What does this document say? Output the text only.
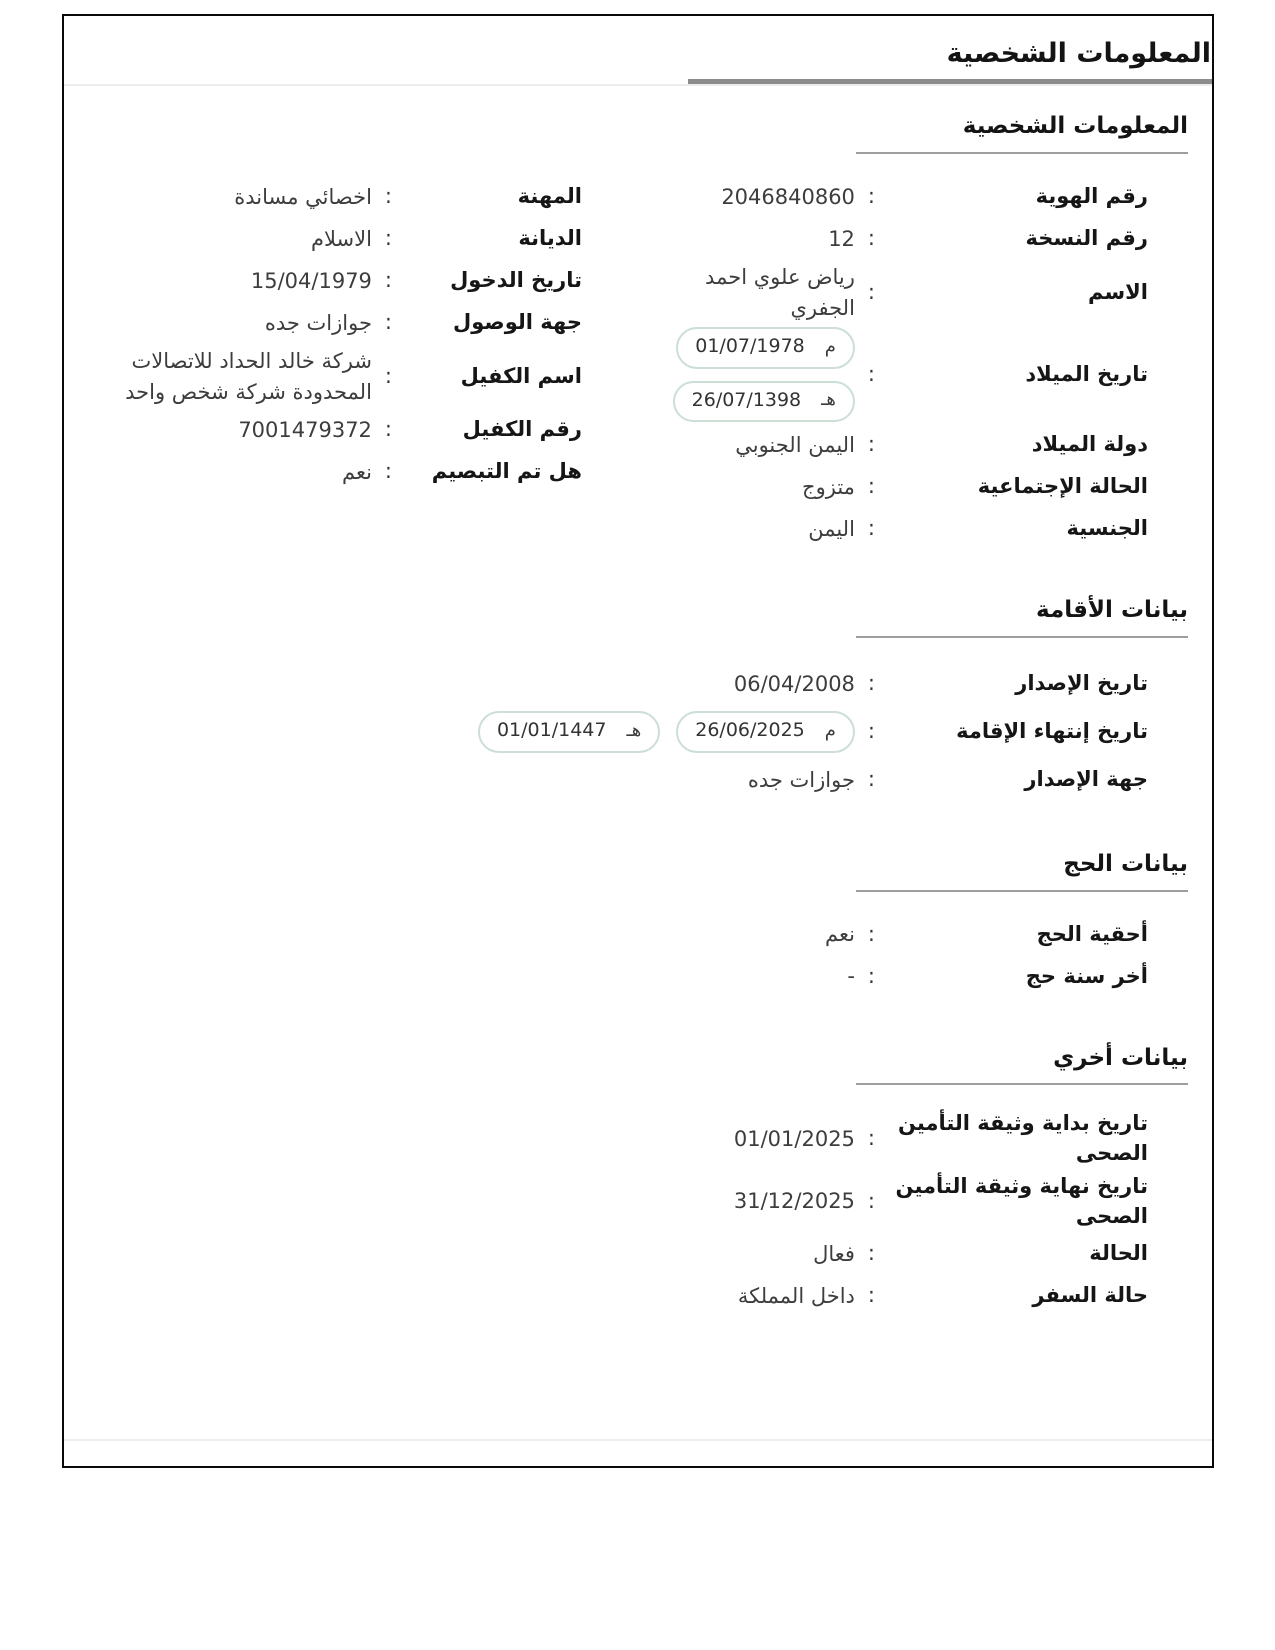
المعلومات الشخصية
المعلومات الشخصية
رقم الهوية
:
2046840860
رقم النسخة
:
12
الاسم
:
رياض علوي احمد الجفري
تاريخ الميلاد
:
م
01/07/1978
هـ
26/07/1398
دولة الميلاد
:
اليمن الجنوبي
الحالة الإجتماعية
:
متزوج
الجنسية
:
اليمن
المهنة
:
اخصائي مساندة
الديانة
:
الاسلام
تاريخ الدخول
:
15/04/1979
جهة الوصول
:
جوازات جده
اسم الكفيل
:
شركة خالد الحداد للاتصالات المحدودة شركة شخص واحد
رقم الكفيل
:
7001479372
هل تم التبصيم
:
نعم
بيانات الأقامة
تاريخ الإصدار
:
06/04/2008
تاريخ إنتهاء الإقامة
:
م
26/06/2025
هـ
01/01/1447
جهة الإصدار
:
جوازات جده
بيانات الحج
أحقية الحج
:
نعم
أخر سنة حج
:
-
بيانات أخري
تاريخ بداية وثيقة التأمين الصحى
:
01/01/2025
تاريخ نهاية وثيقة التأمين الصحى
:
31/12/2025
الحالة
:
فعال
حالة السفر
:
داخل المملكة
